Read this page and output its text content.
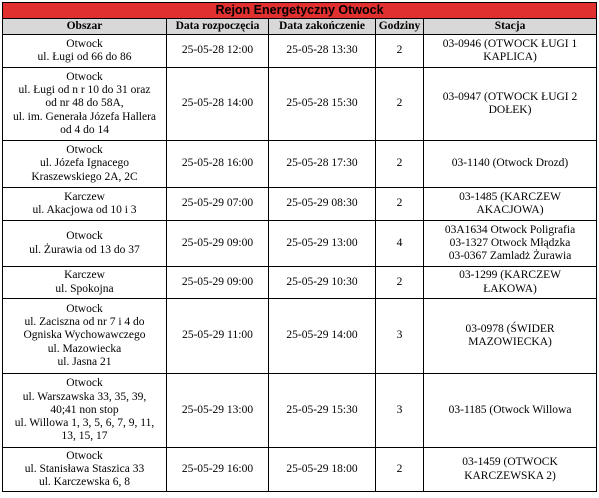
Rejon Energetyczny Otwock				
Obszar	Data rozpoczęcia	Data zakończenie	Godziny	Stacja
Otwock
ul. Ługi od 66 do 86	25-05-28 12:00	25-05-28 13:30	2	03-0946 (OTWOCK ŁUGI 1
KAPLICA)
Otwock
ul. Ługi od n r 10 do 31 oraz
od nr 48 do 58A,
ul. im. Generała Józefa Hallera
od 4 do 14	25-05-28 14:00	25-05-28 15:30	2	03-0947 (OTWOCK ŁUGI 2
DOŁEK)
Otwock
ul. Józefa Ignacego
Kraszewskiego 2A, 2C	25-05-28 16:00	25-05-28 17:30	2	03-1140 (Otwock Drozd)
Karczew
ul. Akacjowa od 10 i 3	25-05-29 07:00	25-05-29 08:30	2	03-1485 (KARCZEW
AKACJOWA)
Otwock
ul. Żurawia od 13 do 37	25-05-29 09:00	25-05-29 13:00	4	03A1634 Otwock Poligrafia
03-1327 Otwock Młądzka
03-0367 Zamladż Żurawia
Karczew
ul. Spokojna	25-05-29 09:00	25-05-29 10:30	2	03-1299 (KARCZEW
ŁAKOWA)
Otwock
ul. Zaciszna od nr 7 i 4 do
Ogniska Wychowawczego
ul. Mazowiecka
ul. Jasna 21	25-05-29 11:00	25-05-29 14:00	3	03-0978 (ŚWIDER
MAZOWIECKA)
Otwock
ul. Warszawska 33, 35, 39,
40;41 non stop
ul. Willowa 1, 3, 5, 6, 7, 9, 11,
13, 15, 17	25-05-29 13:00	25-05-29 15:30	3	03-1185 (Otwock Willowa
Otwock
ul. Stanisława Staszica 33
ul. Karczewska 6, 8	25-05-29 16:00	25-05-29 18:00	2	03-1459 (OTWOCK
KARCZEWSKA 2)
